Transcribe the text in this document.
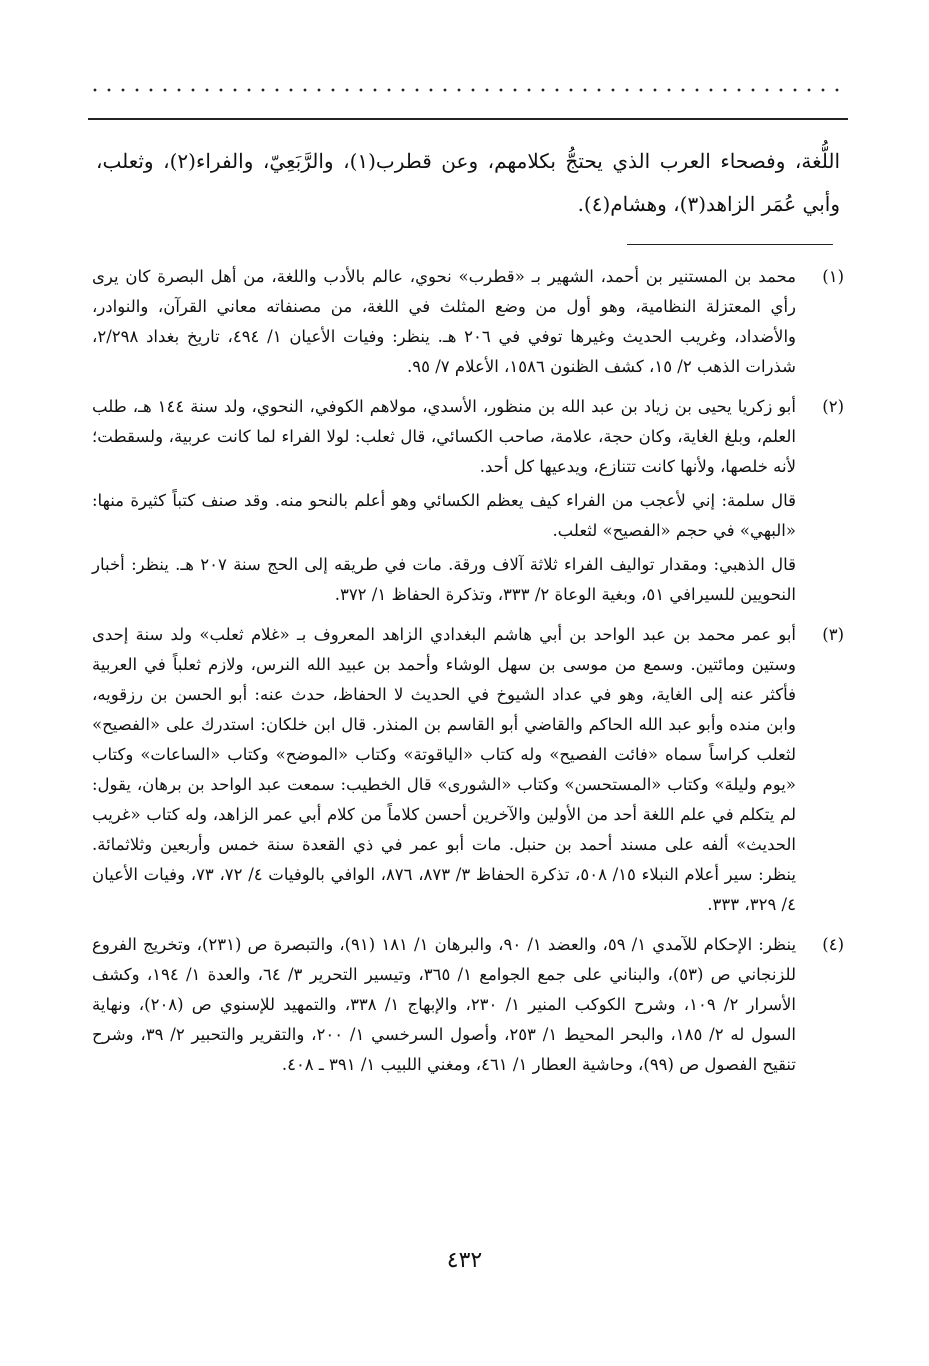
اللُّغة، وفصحاء العرب الذي يحتجُّ بكلامهم، وعن قطرب(١)، والرَّبَعِيّ، والفراء(٢)، وثعلب، وأبي عُمَر الزاهد(٣)، وهشام(٤).

(١)

محمد بن المستنير بن أحمد، الشهير بـ «قطرب» نحوي، عالم بالأدب واللغة، من أهل البصرة كان يرى رأي المعتزلة النظامية، وهو أول من وضع المثلث في اللغة، من مصنفاته معاني القرآن، والنوادر، والأضداد، وغريب الحديث وغيرها توفي في ٢٠٦ هـ. ينظر: وفيات الأعيان ١/ ٤٩٤، تاريخ بغداد ٢/٢٩٨، شذرات الذهب ٢/ ١٥، كشف الظنون ١٥٨٦، الأعلام ٧/ ٩٥.

(٢)

أبو زكريا يحيى بن زياد بن عبد الله بن منظور، الأسدي، مولاهم الكوفي، النحوي، ولد سنة ١٤٤ هـ، طلب العلم، وبلغ الغاية، وكان حجة، علامة، صاحب الكسائي، قال ثعلب: لولا الفراء لما كانت عربية، ولسقطت؛ لأنه خلصها، ولأنها كانت تتنازع، ويدعيها كل أحد.

قال سلمة: إني لأعجب من الفراء كيف يعظم الكسائي وهو أعلم بالنحو منه. وقد صنف كتباً كثيرة منها: «البهي» في حجم «الفصيح» لثعلب.

قال الذهبي: ومقدار تواليف الفراء ثلاثة آلاف ورقة. مات في طريقه إلى الحج سنة ٢٠٧ هـ. ينظر: أخبار النحويين للسيرافي ٥١، وبغية الوعاة ٢/ ٣٣٣، وتذكرة الحفاظ ١/ ٣٧٢.

(٣)

أبو عمر محمد بن عبد الواحد بن أبي هاشم البغدادي الزاهد المعروف بـ «غلام ثعلب» ولد سنة إحدى وستين ومائتين. وسمع من موسى بن سهل الوشاء وأحمد بن عبيد الله النرس، ولازم ثعلباً في العربية فأكثر عنه إلى الغاية، وهو في عداد الشيوخ في الحديث لا الحفاظ، حدث عنه: أبو الحسن بن رزقويه، وابن منده وأبو عبد الله الحاكم والقاضي أبو القاسم بن المنذر. قال ابن خلكان: استدرك على «الفصيح» لثعلب كراساً سماه «فائت الفصيح» وله كتاب «الياقوتة» وكتاب «الموضح» وكتاب «الساعات» وكتاب «يوم وليلة» وكتاب «المستحسن» وكتاب «الشورى» قال الخطيب: سمعت عبد الواحد بن برهان، يقول: لم يتكلم في علم اللغة أحد من الأولين والآخرين أحسن كلاماً من كلام أبي عمر الزاهد، وله كتاب «غريب الحديث» ألفه على مسند أحمد بن حنبل. مات أبو عمر في ذي القعدة سنة خمس وأربعين وثلاثمائة. ينظر: سير أعلام النبلاء ١٥/ ٥٠٨، تذكرة الحفاظ ٣/ ٨٧٣، ٨٧٦، الوافي بالوفيات ٤/ ٧٢، ٧٣، وفيات الأعيان ٤/ ٣٢٩، ٣٣٣.

(٤)

ينظر: الإحكام للآمدي ١/ ٥٩، والعضد ١/ ٩٠، والبرهان ١/ ١٨١ (٩١)، والتبصرة ص (٢٣١)، وتخريج الفروع للزنجاني ص (٥٣)، والبناني على جمع الجوامع ١/ ٣٦٥، وتيسير التحرير ٣/ ٦٤، والعدة ١/ ١٩٤، وكشف الأسرار ٢/ ١٠٩، وشرح الكوكب المنير ١/ ٢٣٠، والإبهاج ١/ ٣٣٨، والتمهيد للإسنوي ص (٢٠٨)، ونهاية السول له ٢/ ١٨٥، والبحر المحيط ١/ ٢٥٣، وأصول السرخسي ١/ ٢٠٠، والتقرير والتحبير ٢/ ٣٩، وشرح تنقيح الفصول ص (٩٩)، وحاشية العطار ١/ ٤٦١، ومغني اللبيب ١/ ٣٩١ ـ ٤٠٨.

٤٣٢
